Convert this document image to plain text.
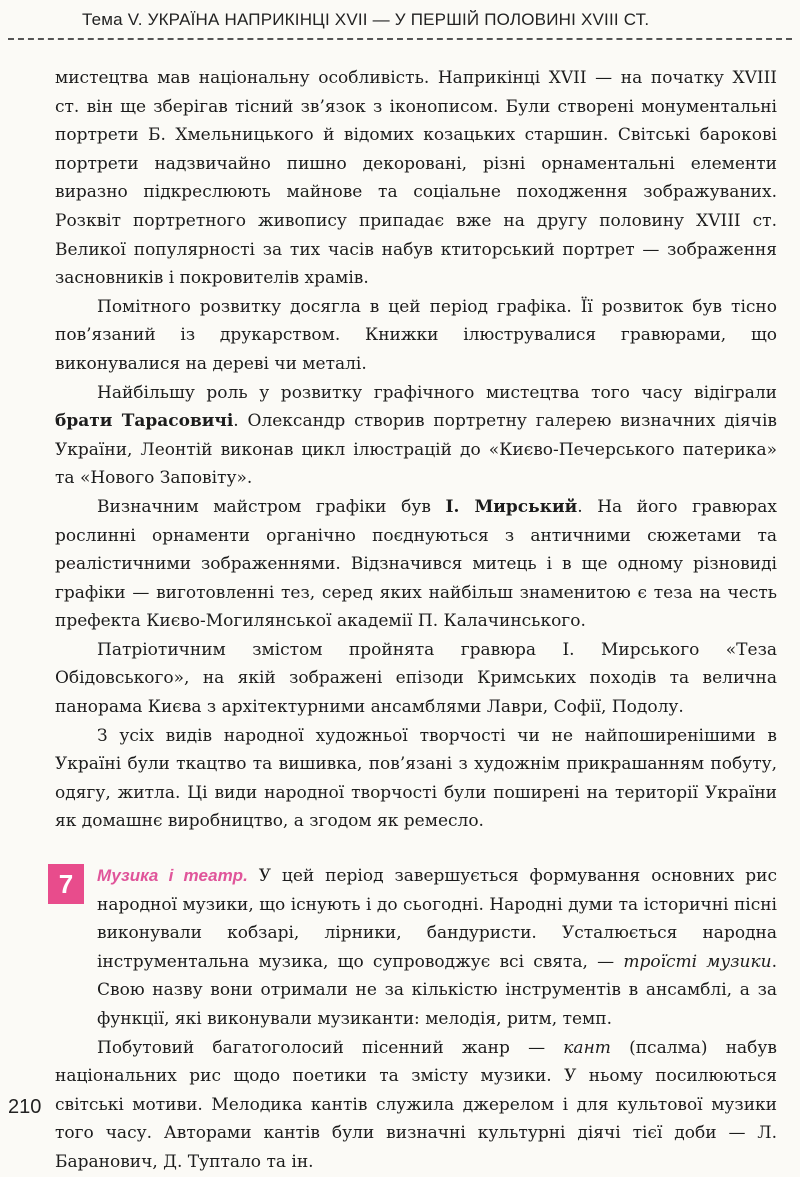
Тема V. УКРАЇНА НАПРИКІНЦІ XVII — У ПЕРШІЙ ПОЛОВИНІ XVIII СТ.

мистецтва мав національну особливість. Наприкінці XVII — на початку XVIII ст. він ще зберігав тісний зв’язок з іконописом. Були створені монументальні портрети Б. Хмельницького й відомих козацьких старшин. Світські барокові портрети надзвичайно пишно декоровані, різні орнаментальні елементи виразно підкреслюють майнове та соціальне походження зображуваних. Розквіт портретного живопису припадає вже на другу половину XVIII ст. Великої популярності за тих часів набув ктиторський портрет — зображення засновників і покровителів храмів.

Помітного розвитку досягла в цей період графіка. Її розвиток був тісно пов’язаний із друкарством. Книжки ілюструвалися гравюрами, що виконувалися на дереві чи металі.

Найбільшу роль у розвитку графічного мистецтва того часу відіграли брати Тарасовичі. Олександр створив портретну галерею визначних діячів України, Леонтій виконав цикл ілюстрацій до «Києво-Печерського патерика» та «Нового Заповіту».

Визначним майстром графіки був І. Мирський. На його гравюрах рослинні орнаменти органічно поєднуються з античними сюжетами та реалістичними зображеннями. Відзначився митець і в ще одному різновиді графіки — виготовленні тез, серед яких найбільш знаменитою є теза на честь префекта Києво-Могилянської академії П. Калачинського.

Патріотичним змістом пройнята гравюра І. Мирського «Теза Обідовського», на якій зображені епізоди Кримських походів та велична панорама Києва з архітектурними ансамблями Лаври, Софії, Подолу.

З усіх видів народної художньої творчості чи не найпоширенішими в Україні були ткацтво та вишивка, пов’язані з художнім прикрашанням побуту, одягу, житла. Ці види народної творчості були поширені на території України як домашнє виробництво, а згодом як ремесло.

7	Музика і театр. У цей період завершується формування основних рис народної музики, що існують і до сьогодні. Народні думи та історичні пісні виконували кобзарі, лірники, бандуристи. Усталюється народна інструментальна музика, що супроводжує всі свята, — троїсті музики. Свою назву вони отримали не за кількістю інструментів в ансамблі, а за функції, які виконували музиканти: мелодія, ритм, темп.

Побутовий багатоголосий пісенний жанр — кант (псалма) набув національних рис щодо поетики та змісту музики. У ньому посилюються світські мотиви. Мелодика кантів служила джерелом і для культової музики того часу. Авторами кантів були визначні культурні діячі тієї доби — Л. Баранович, Д. Туптало та ін.

210
